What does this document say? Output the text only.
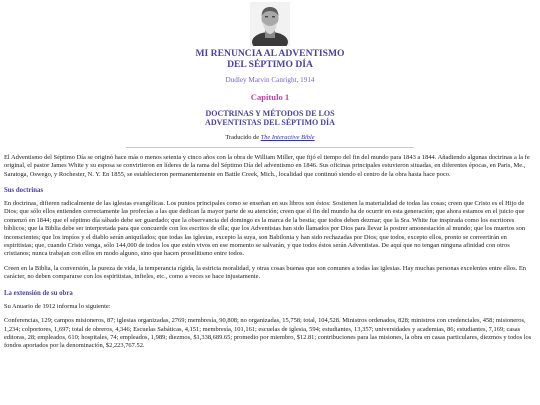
MI RENUNCIA AL ADVENTISMO
DEL SÉPTIMO DÍA
Dudley Marvin Canright, 1914
Capitulo 1
DOCTRINAS Y MÉTODOS DE LOS
ADVENTISTAS DEL SÉPTIMO DÍA
Traducido de The Interactive Bible

El Adventismo del Séptimo Día se originó hace más o menos setenta y cinco años con la obra de William Miller, que fijó el tiempo del fin del mundo para 1843 a 1844. Añadiendo algunas doctrinas a la fe original, el pastor James White y su esposa se convirtieron en líderes de la rama del Séptimo Día del adventismo en 1846. Sus oficinas principales estuvieron situadas, en diferentes épocas, en Paris, Me., Saratoga, Oswego, y Rochester, N. Y. En 1855, se establecieron permanentemente en Battle Creek, Mich., localidad que continuó siendo el centro de la obra hasta hace poco.

Sus doctrinas

En doctrinas, difieren radicalmente de las iglesias evangélicas. Los puntos principales como se enseñan en sus libros son éstos: Sostienen la materialidad de todas las cosas; creen que Cristo es el Hijo de Dios; que sólo ellos entienden correctamente las profecías a las que dedican la mayor parte de su atención; creen que el fin del mundo ha de ocurrir en esta generación; que ahora estamos en el juicio que comenzó en 1844; que el séptimo día sábado debe ser guardado; que la observancia del domingo es la marca de la bestia; que todos deben dezmar; que la Sra. White fue inspirada como los escritores bíblicos; que la Biblia debe ser interpretada para que concuerde con los escritos de ella; que los Adventistas han sido llamados por Dios para llevar la postrer amonestación al mundo; que los muertos son inconscientes; que los impíos y el diablo serán aniquilados; que todas las iglesias, excepto la suya, son Babilonia y han sido rechazadas por Dios; que todos, excepto ellos, pronto se convertirán en espiritistas; que, cuando Cristo venga, sólo 144,000 de todos los que estén vivos en ese momento se salvarán, y que todos éstos serán Adventistas. De aquí que no tengan ninguna afinidad con otros cristianos; nunca trabajan con ellos en modo alguno, sino que hacen proselitismo entre todos.

Creen en la Biblia, la conversión, la pureza de vida, la temperancia rígida, la estricta moralidad, y otras cosas buenas que son comunes a todas las iglesias. Hay muchas personas excelentes entre ellos. En carácter, no deben compararse con los espiritistas, infieles, etc., como a veces se hace injustamente.

La extensión de su obra

Su Anuario de 1912 informa lo siguiente:

Conferencias, 129; campos misioneros, 87; iglesias organizadas, 2769; membresía, 90,808; no organizadas, 15,758; total, 104,528. Ministros ordenados, 828; ministros con credenciales, 458; misioneros, 1,234; colportores, 1,697; total de obreros, 4,346; Escuelas Sabáticas, 4,151; membresía, 101,161; escuelas de iglesia, 594; estudiantes, 13,357; universidades y academias, 86; estudiantes, 7,169; casas editoras, 28; empleados, 610; hospitales, 74; empleados, 1,989; diezmos, $1,338,689.65; promedio por miembro, $12.81; contribuciones para las misiones, la obra en casas particulares, diezmos y todos los fondos aportados por la denominación, $2,223,767.52.
